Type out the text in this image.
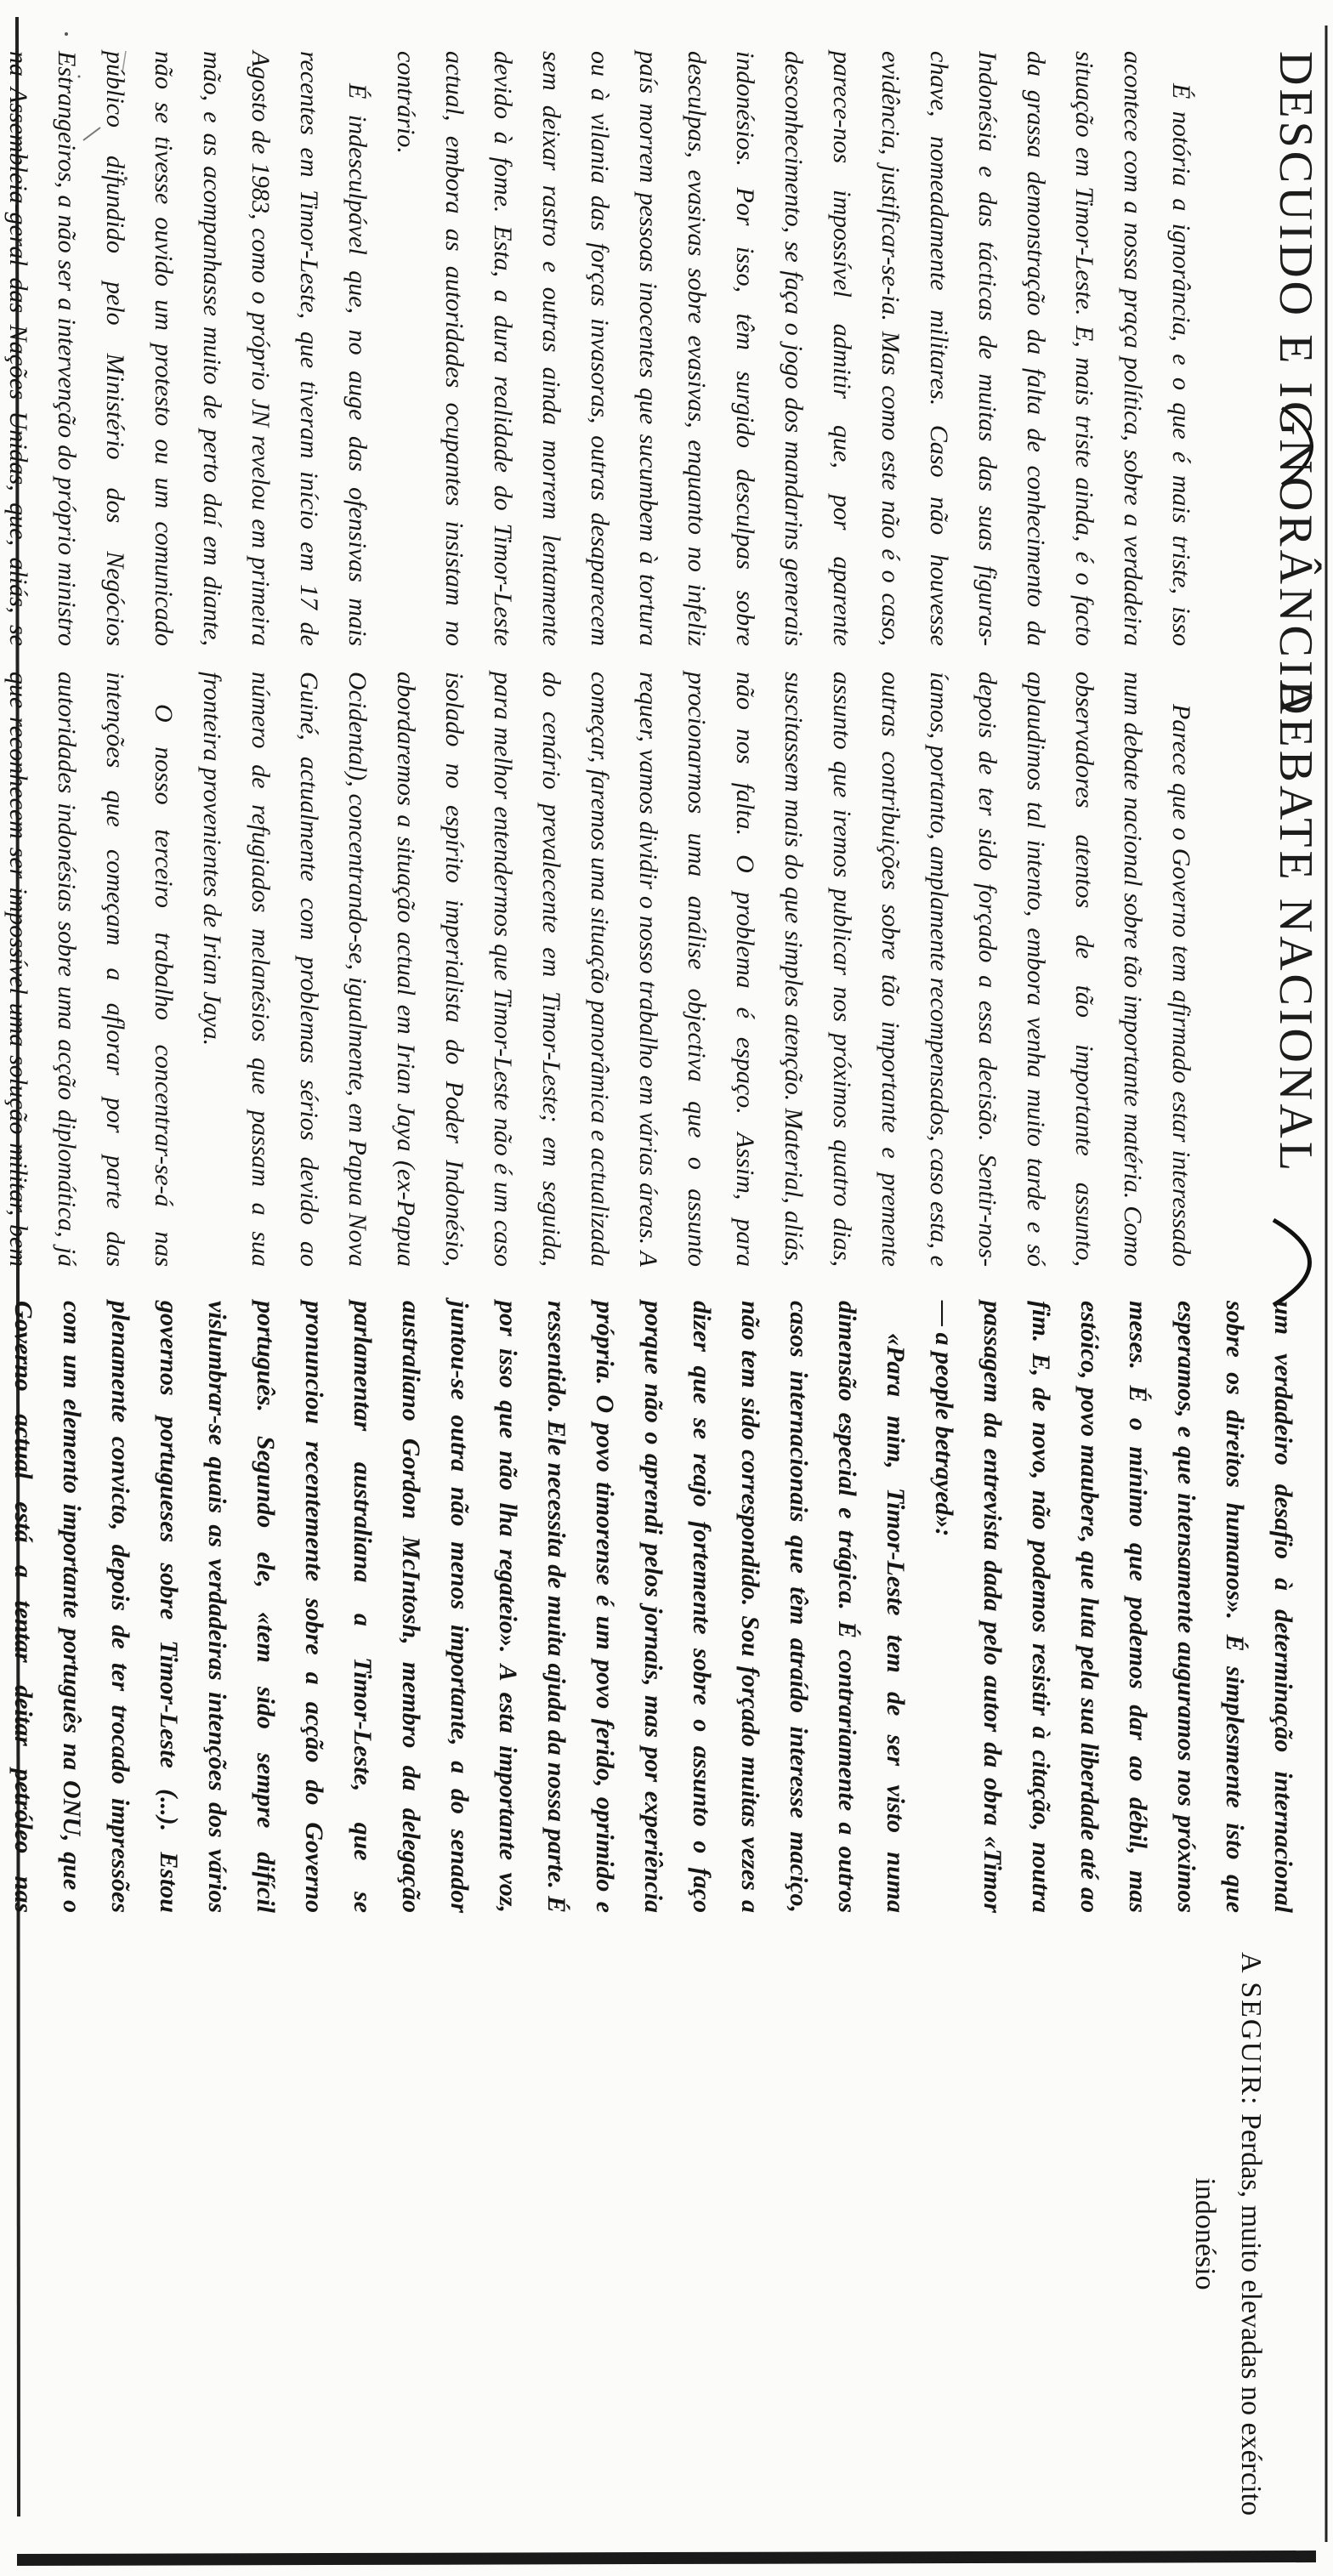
DESCUIDO E IGNORÂNCIA
DEBATE NACIONAL

É notória a ignorância, e o que é mais triste, isso acontece com a nossa praça política, sobre a verdadeira situação em Timor-Leste. E, mais triste ainda, é o facto da grassa demonstração da falta de conhecimento da Indonésia e das tácticas de muitas das suas figuras-chave, nomeadamente militares. Caso não houvesse evidência, justificar-se-ia. Mas como este não é o caso, parece-nos impossível admitir que, por aparente desconhecimento, se faça o jogo dos mandarins generais indonésios. Por isso, têm surgido desculpas sobre desculpas, evasivas sobre evasivas, enquanto no infeliz país morrem pessoas inocentes que sucumbem à tortura ou à vilania das forças invasoras, outras desaparecem sem deixar rastro e outras ainda morrem lentamente devido à fome. Esta, a dura realidade do Timor-Leste actual, embora as autoridades ocupantes insistam no contrário.

É indesculpável que, no auge das ofensivas mais recentes em Timor-Leste, que tiveram início em 17 de Agosto de 1983, como o próprio JN revelou em primeira mão, e as acompanhasse muito de perto daí em diante, não se tivesse ouvido um protesto ou um comunicado público difundido pelo Ministério dos Negócios Estrangeiros, a não ser a intervenção do próprio ministro na Assembleia-geral das Nações Unidas, que, aliás, se

Parece que o Governo tem afirmado estar interessado num debate nacional sobre tão importante matéria. Como observadores atentos de tão importante assunto, aplaudimos tal intento, embora venha muito tarde e só depois de ter sido forçado a essa decisão. Sentir-nos-íamos, portanto, amplamente recompensados, caso esta, e outras contribuições sobre tão importante e premente assunto que iremos publicar nos próximos quatro dias, suscitassem mais do que simples atenção. Material, aliás, não nos falta. O problema é espaço. Assim, para procionarmos uma análise objectiva que o assunto requer, vamos dividir o nosso trabalho em várias áreas. A começar, faremos uma situação panorâmica e actualizada do cenário prevalecente em Timor-Leste; em seguida, para melhor entendermos que Timor-Leste não é um caso isolado no espírito imperialista do Poder Indonésio, abordaremos a situação actual em Irian Jaya (ex-Papua Ocidental), concentrando-se, igualmente, em Papua Nova Guiné, actualmente com problemas sérios devido ao número de refugiados melanésios que passam a sua fronteira provenientes de Irian Jaya.

O nosso terceiro trabalho concentrar-se-á nas intenções que começam a aflorar por parte das autoridades indonésias sobre uma acção diplomática, já que reconhecem ser impossível uma solução militar, bem

um verdadeiro desafio à determinação internacional sobre os direitos humanos». É simplesmente isto que esperamos, e que intensamente auguramos nos próximos meses. É o mínimo que podemos dar ao débil, mas estóico, povo maubere, que luta pela sua liberdade até ao fim. E, de novo, não podemos resistir à citação, noutra passagem da entrevista dada pelo autor da obra «Timor — a people betrayed»:

«Para mim, Timor-Leste tem de ser visto numa dimensão especial e trágica. É contrariamente a outros casos internacionais que têm atraído interesse maciço, não tem sido correspondido. Sou forçado muitas vezes a dizer que se reajo fortemente sobre o assunto o faço porque não o aprendi pelos jornais, mas por experiência própria. O povo timorense é um povo ferido, oprimido e ressentido. Ele necessita de muita ajuda da nossa parte. É por isso que não lha regateio». A esta importante voz, juntou-se outra não menos importante, a do senador australiano Gordon McIntosh, membro da delegação parlamentar australiana a Timor-Leste, que se pronunciou recentemente sobre a acção do Governo português. Segundo ele, «tem sido sempre difícil vislumbrar-se quais as verdadeiras intenções dos vários governos portugueses sobre Timor-Leste (...). Estou plenamente convicto, depois de ter trocado impressões com um elemento importante português na ONU, que o Governo actual está a tentar deitar petróleo nas

A SEGUIR: Perdas, muito elevadas no exército indonésio
